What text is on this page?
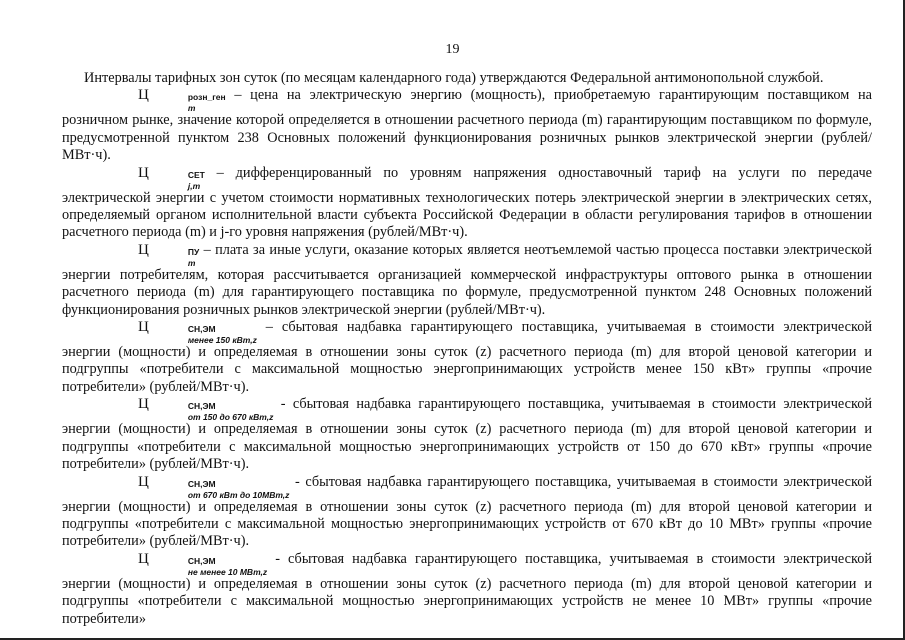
19

Интервалы тарифных зон суток (по месяцам календарного года) утверждаются Федеральной антимонопольной службой.

Ц	розн_ген
m
– цена на электрическую энергию (мощность), приобретаемую гарантирующим поставщиком на розничном рынке, значение которой определяется в отношении расчетного периода (m) гарантирующим поставщиком по формуле, предусмотренной пунктом 238 Основных положений функционирования розничных рынков электрической энергии (рублей/МВт·ч).

Ц	СЕТ
j,m
– дифференцированный по уровням напряжения одноставочный тариф на услуги по передаче электрической энергии с учетом стоимости нормативных технологических потерь электрической энергии в электрических сетях, определяемый органом исполнительной власти субъекта Российской Федерации в области регулирования тарифов в отношении расчетного периода (m) и j-го уровня напряжения (рублей/МВт·ч).

Ц	ПУ
m
– плата за иные услуги, оказание которых является неотъемлемой частью процесса поставки электрической энергии потребителям, которая рассчитывается организацией коммерческой инфраструктуры оптового рынка в отношении расчетного периода (m) для гарантирующего поставщика по формуле, предусмотренной пунктом 248 Основных положений функционирования розничных рынков электрической энергии (рублей/МВт·ч).

Ц	СН,ЭМ
менее 150 кВт,z
– сбытовая надбавка гарантирующего поставщика, учитываемая в стоимости электрической энергии (мощности) и определяемая в отношении зоны суток (z) расчетного периода (m) для второй ценовой категории и подгруппы «потребители с максимальной мощностью энергопринимающих устройств менее 150 кВт» группы «прочие потребители» (рублей/МВт·ч).

Ц	СН,ЭМ
от 150 до 670 кВт,z
- сбытовая надбавка гарантирующего поставщика, учитываемая в стоимости электрической энергии (мощности) и определяемая в отношении зоны суток (z) расчетного периода (m) для второй ценовой категории и подгруппы «потребители с максимальной мощностью энергопринимающих устройств от 150 до 670 кВт» группы «прочие потребители» (рублей/МВт·ч).

Ц	СН,ЭМ
от 670 кВт до 10МВт,z
- сбытовая надбавка гарантирующего поставщика, учитываемая в стоимости электрической энергии (мощности) и определяемая в отношении зоны суток (z) расчетного периода (m) для второй ценовой категории и подгруппы «потребители с максимальной мощностью энергопринимающих устройств от 670 кВт до 10 МВт» группы «прочие потребители» (рублей/МВт·ч).

Ц	СН,ЭМ
не менее 10 МВт,z
- сбытовая надбавка гарантирующего поставщика, учитываемая в стоимости электрической энергии (мощности) и определяемая в отношении зоны суток (z) расчетного периода (m) для второй ценовой категории и подгруппы «потребители с максимальной мощностью энергопринимающих устройств не менее 10 МВт» группы «прочие потребители»
